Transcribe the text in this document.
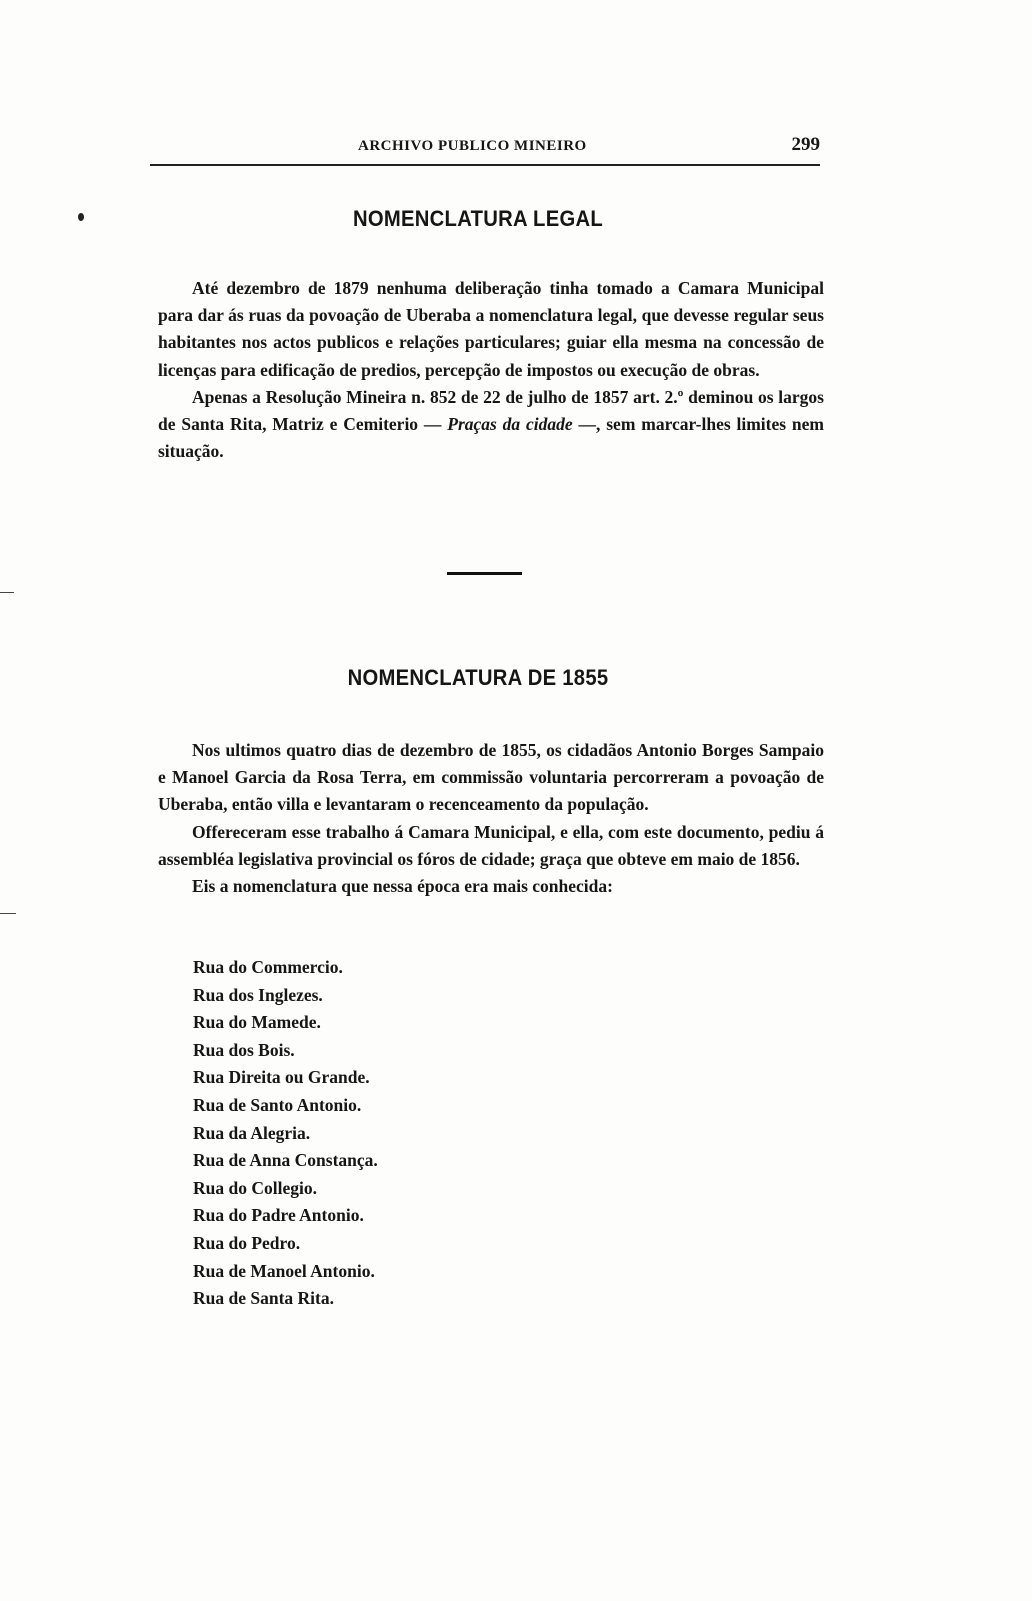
ARCHIVO PUBLICO MINEIRO	299
NOMENCLATURA LEGAL

Até dezembro de 1879 nenhuma deliberação tinha tomado a Camara Municipal para dar ás ruas da povoação de Uberaba a nomenclatura legal, que devesse regular seus habitantes nos actos publicos e relações particulares; guiar ella mesma na concessão de licenças para edificação de predios, percepção de impostos ou execução de obras.

Apenas a Resolução Mineira n. 852 de 22 de julho de 1857 art. 2.º deminou os largos de Santa Rita, Matriz e Cemiterio — Praças da cidade —, sem marcar-lhes limites nem situação.

NOMENCLATURA DE 1855

Nos ultimos quatro dias de dezembro de 1855, os cidadãos Antonio Borges Sampaio e Manoel Garcia da Rosa Terra, em commissão voluntaria percorreram a povoação de Uberaba, então villa e levantaram o recenceamento da população.

Offereceram esse trabalho á Camara Municipal, e ella, com este documento, pediu á assembléa legislativa provincial os fóros de cidade; graça que obteve em maio de 1856.

Eis a nomenclatura que nessa época era mais conhecida:

Rua do Commercio.
Rua dos Inglezes.
Rua do Mamede.
Rua dos Bois.
Rua Direita ou Grande.
Rua de Santo Antonio.
Rua da Alegria.
Rua de Anna Constança.
Rua do Collegio.
Rua do Padre Antonio.
Rua do Pedro.
Rua de Manoel Antonio.
Rua de Santa Rita.
